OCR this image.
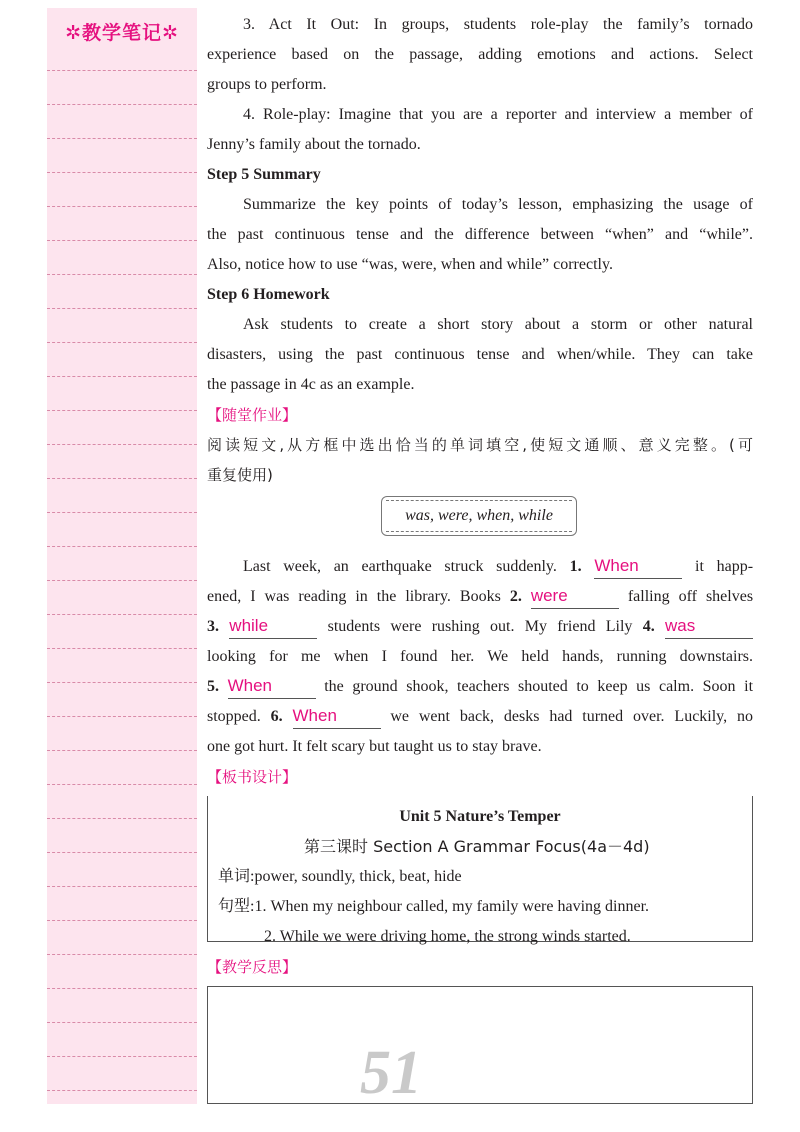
✲教学笔记✲	3. Act It Out: In groups, students role-play the family’s tornado
experience based on the passage, adding emotions and actions. Select
groups to perform.
4. Role-play: Imagine that you are a reporter and interview a member of
Jenny’s family about the tornado.
Step 5 Summary
Summarize the key points of today’s lesson, emphasizing the usage of
the past continuous tense and the difference between “when” and “while”.
Also, notice how to use “was, were, when and while” correctly.
Step 6 Homework
Ask students to create a short story about a storm or other natural
disasters, using the past continuous tense and when/while. They can take
the passage in 4c as an example.
【随堂作业】
阅读短文,从方框中选出恰当的单词填空,使短文通顺、意义完整。(可
重复使用)
was, were, when, while
Last week, an earthquake struck suddenly. 1. When	it happ-
ened, I was reading in the library. Books 2. were	falling off shelves
3. while	students were rushing out. My friend Lily 4. was
looking for me when I found her. We held hands, running downstairs.
5. When	the ground shook, teachers shouted to keep us calm. Soon it
stopped. 6. When	we went back, desks had turned over. Luckily, no
one got hurt. It felt scary but taught us to stay brave.
【板书设计】
Unit 5 Nature’s Temper
第三课时 Section A Grammar Focus(4a－4d)
单词:power, soundly, thick, beat, hide
句型:1. When my neighbour called, my family were having dinner.
2. While we were driving home, the strong winds started.
【教学反思】
51
